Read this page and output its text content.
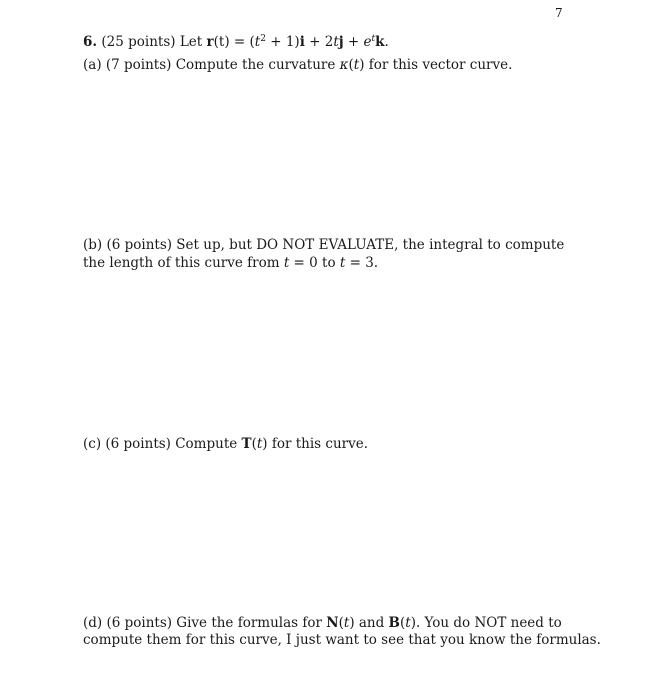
7
6. (25 points) Let $r(t) = (t^2 + 1)i + 2tj + e^tk$.
(a) (7 points) Compute the curvature κ(t) for this vector curve.
(b) (6 points) Set up, but DO NOT EVALUATE, the integral to compute
the length of this curve from t = 0 to t = 3.
(c) (6 points) Compute T(t) for this curve.
(d) (6 points) Give the formulas for N(t) and B(t). You do NOT need to
compute them for this curve, I just want to see that you know the formulas.
